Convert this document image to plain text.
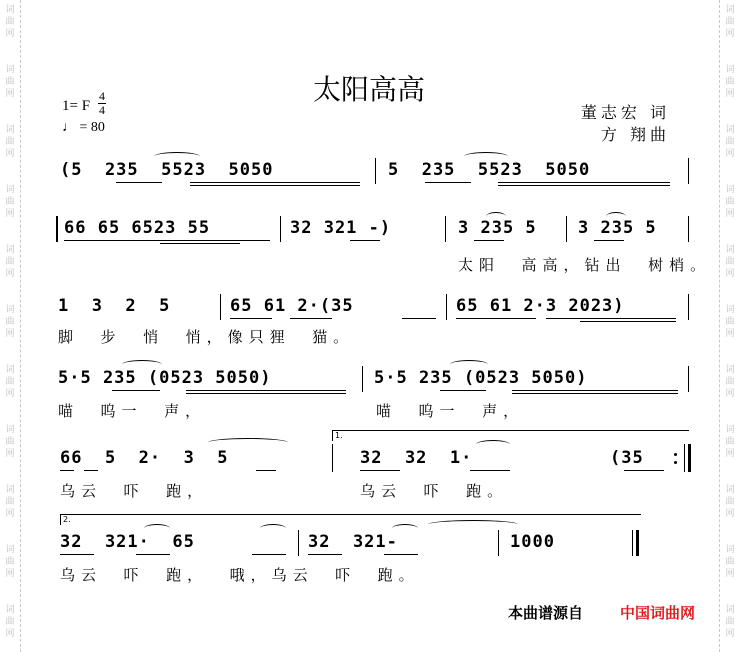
词
曲
网
词
曲
网
词
曲
网
词
曲
网
词
曲
网
词
曲
网
词
曲
网
词
曲
网
词
曲
网
词
曲
网
词
曲
网
词
曲
网
词
曲
网
词
曲
网
词
曲
网
词
曲
网
词
曲
网
词
曲
网
词
曲
网
词
曲
网
词
曲
网
词
曲
网
太阳高高
1= F $\frac{4}{4}$
♩ = 80
董志宏 词
方 翔曲
(5  235  5523  5050	5  235  5523  5050
66 65 6523 55	32 321 -)	3 235 5 3 235 5
太阳  高高，钻出  树梢。
1  3  2  5	65 61 2·(35	65 61 2·3 2023)
脚  步  悄  悄，像只狸  猫。
5·5 235 (0523 5050)	5·5 235 (0523 5050)
喵  呜一  声，	喵  呜一  声，
66  5  2·  3  5
1.
32  32  1·	(35
乌云  吓  跑，	乌云  吓  跑。
2.
32  321·  65	32  321-	1000
乌云  吓  跑，  哦，乌云  吓  跑。
本曲谱源自 中国词曲网
